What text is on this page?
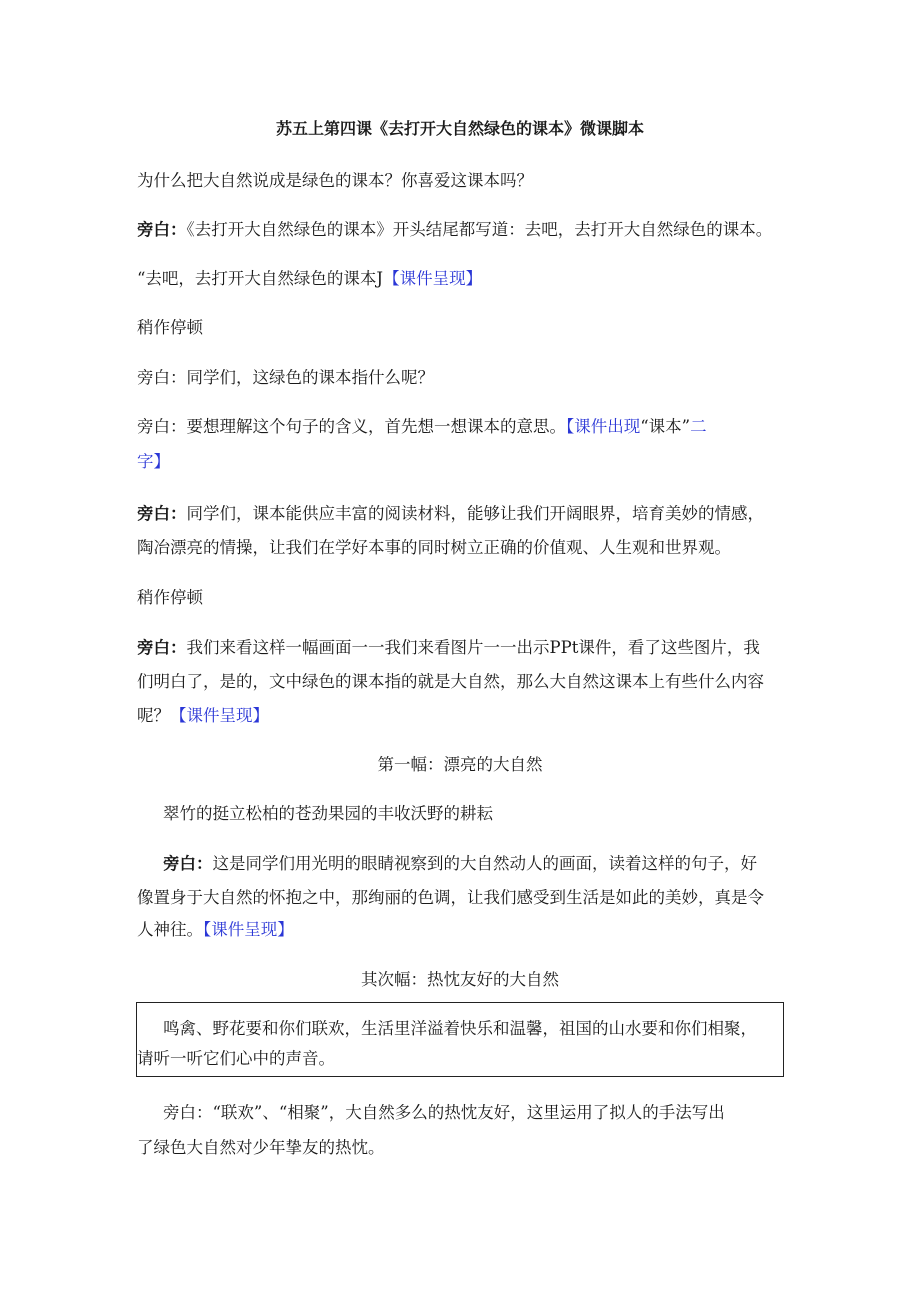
苏五上第四课《去打开大自然绿色的课本》微课脚本
为什么把大自然说成是绿色的课本？你喜爱这课本吗？
旁白：《去打开大自然绿色的课本》开头结尾都写道：去吧，去打开大自然绿色的课本。
“去吧，去打开大自然绿色的课本J【课件呈现】
稍作停顿
旁白：同学们，这绿色的课本指什么呢？
旁白：要想理解这个句子的含义，首先想一想课本的意思。【课件出现“课本”二
字】
旁白：同学们，课本能供应丰富的阅读材料，能够让我们开阔眼界，培育美妙的情感，
陶冶漂亮的情操，让我们在学好本事的同时树立正确的价值观、人生观和世界观。
稍作停顿
旁白：我们来看这样一幅画面一一我们来看图片一一出示PPt课件，看了这些图片，我
们明白了，是的，文中绿色的课本指的就是大自然，那么大自然这课本上有些什么内容
呢？【课件呈现】
第一幅：漂亮的大自然
翠竹的挺立松柏的苍劲果园的丰收沃野的耕耘
旁白：这是同学们用光明的眼睛视察到的大自然动人的画面，读着这样的句子，好
像置身于大自然的怀抱之中，那绚丽的色调，让我们感受到生活是如此的美妙，真是令
人神往。【课件呈现】
其次幅：热忱友好的大自然
鸣禽、野花要和你们联欢，生活里洋溢着快乐和温馨，祖国的山水要和你们相聚，
请听一听它们心中的声音。
旁白：“联欢”、“相聚”，大自然多么的热忱友好，这里运用了拟人的手法写出
了绿色大自然对少年挚友的热忱。
